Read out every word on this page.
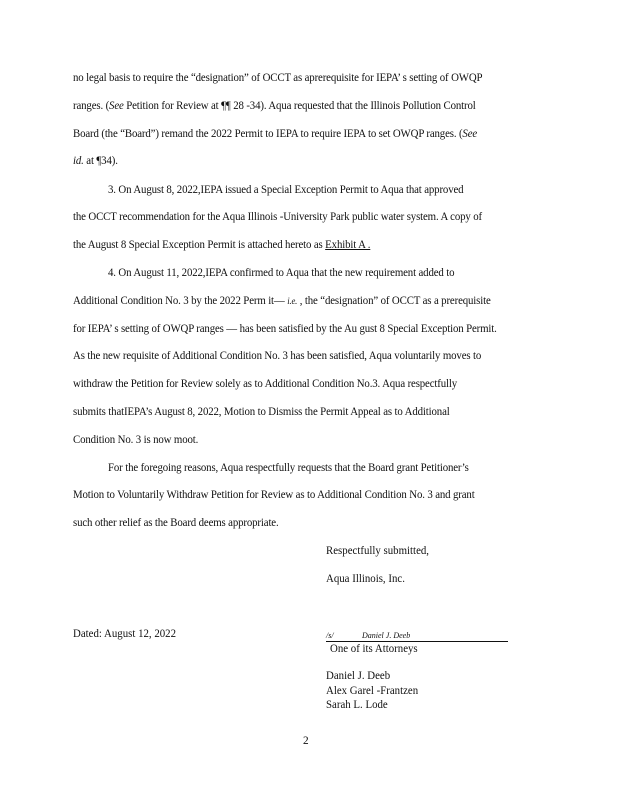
no legal basis to require the “designation” of OCCT as aprerequisite for IEPA’ s setting of OWQP
ranges. (See Petition for Review at ¶¶ 28 -34). Aqua requested that the Illinois Pollution Control
Board (the “Board”) remand the 2022 Permit to IEPA to require IEPA to set OWQP ranges. (See
id. at ¶34).
3. On August 8, 2022,IEPA issued a Special Exception Permit to Aqua that approved
the OCCT recommendation for the Aqua Illinois -University Park public water system. A copy of
the August 8 Special Exception Permit is attached hereto as Exhibit A .
4. On August 11, 2022,IEPA confirmed to Aqua that the new requirement added to
Additional Condition No. 3 by the 2022 Perm it— i.e. , the “designation” of OCCT as a prerequisite
for IEPA’ s setting of OWQP ranges — has been satisfied by the Au gust 8 Special Exception Permit.
As the new requisite of Additional Condition No. 3 has been satisfied, Aqua voluntarily moves to
withdraw the Petition for Review solely as to Additional Condition No.3. Aqua respectfully
submits thatIEPA’s August 8, 2022, Motion to Dismiss the Permit Appeal as to Additional
Condition No. 3 is now moot.
For the foregoing reasons, Aqua respectfully requests that the Board grant Petitioner’s
Motion to Voluntarily Withdraw Petition for Review as to Additional Condition No. 3 and grant
such other relief as the Board deems appropriate.
Respectfully submitted,
Aqua Illinois, Inc.
Dated: August 12, 2022	/s/	Daniel J. Deeb
One of its Attorneys
Daniel J. Deeb
Alex Garel -Frantzen
Sarah L. Lode
2
